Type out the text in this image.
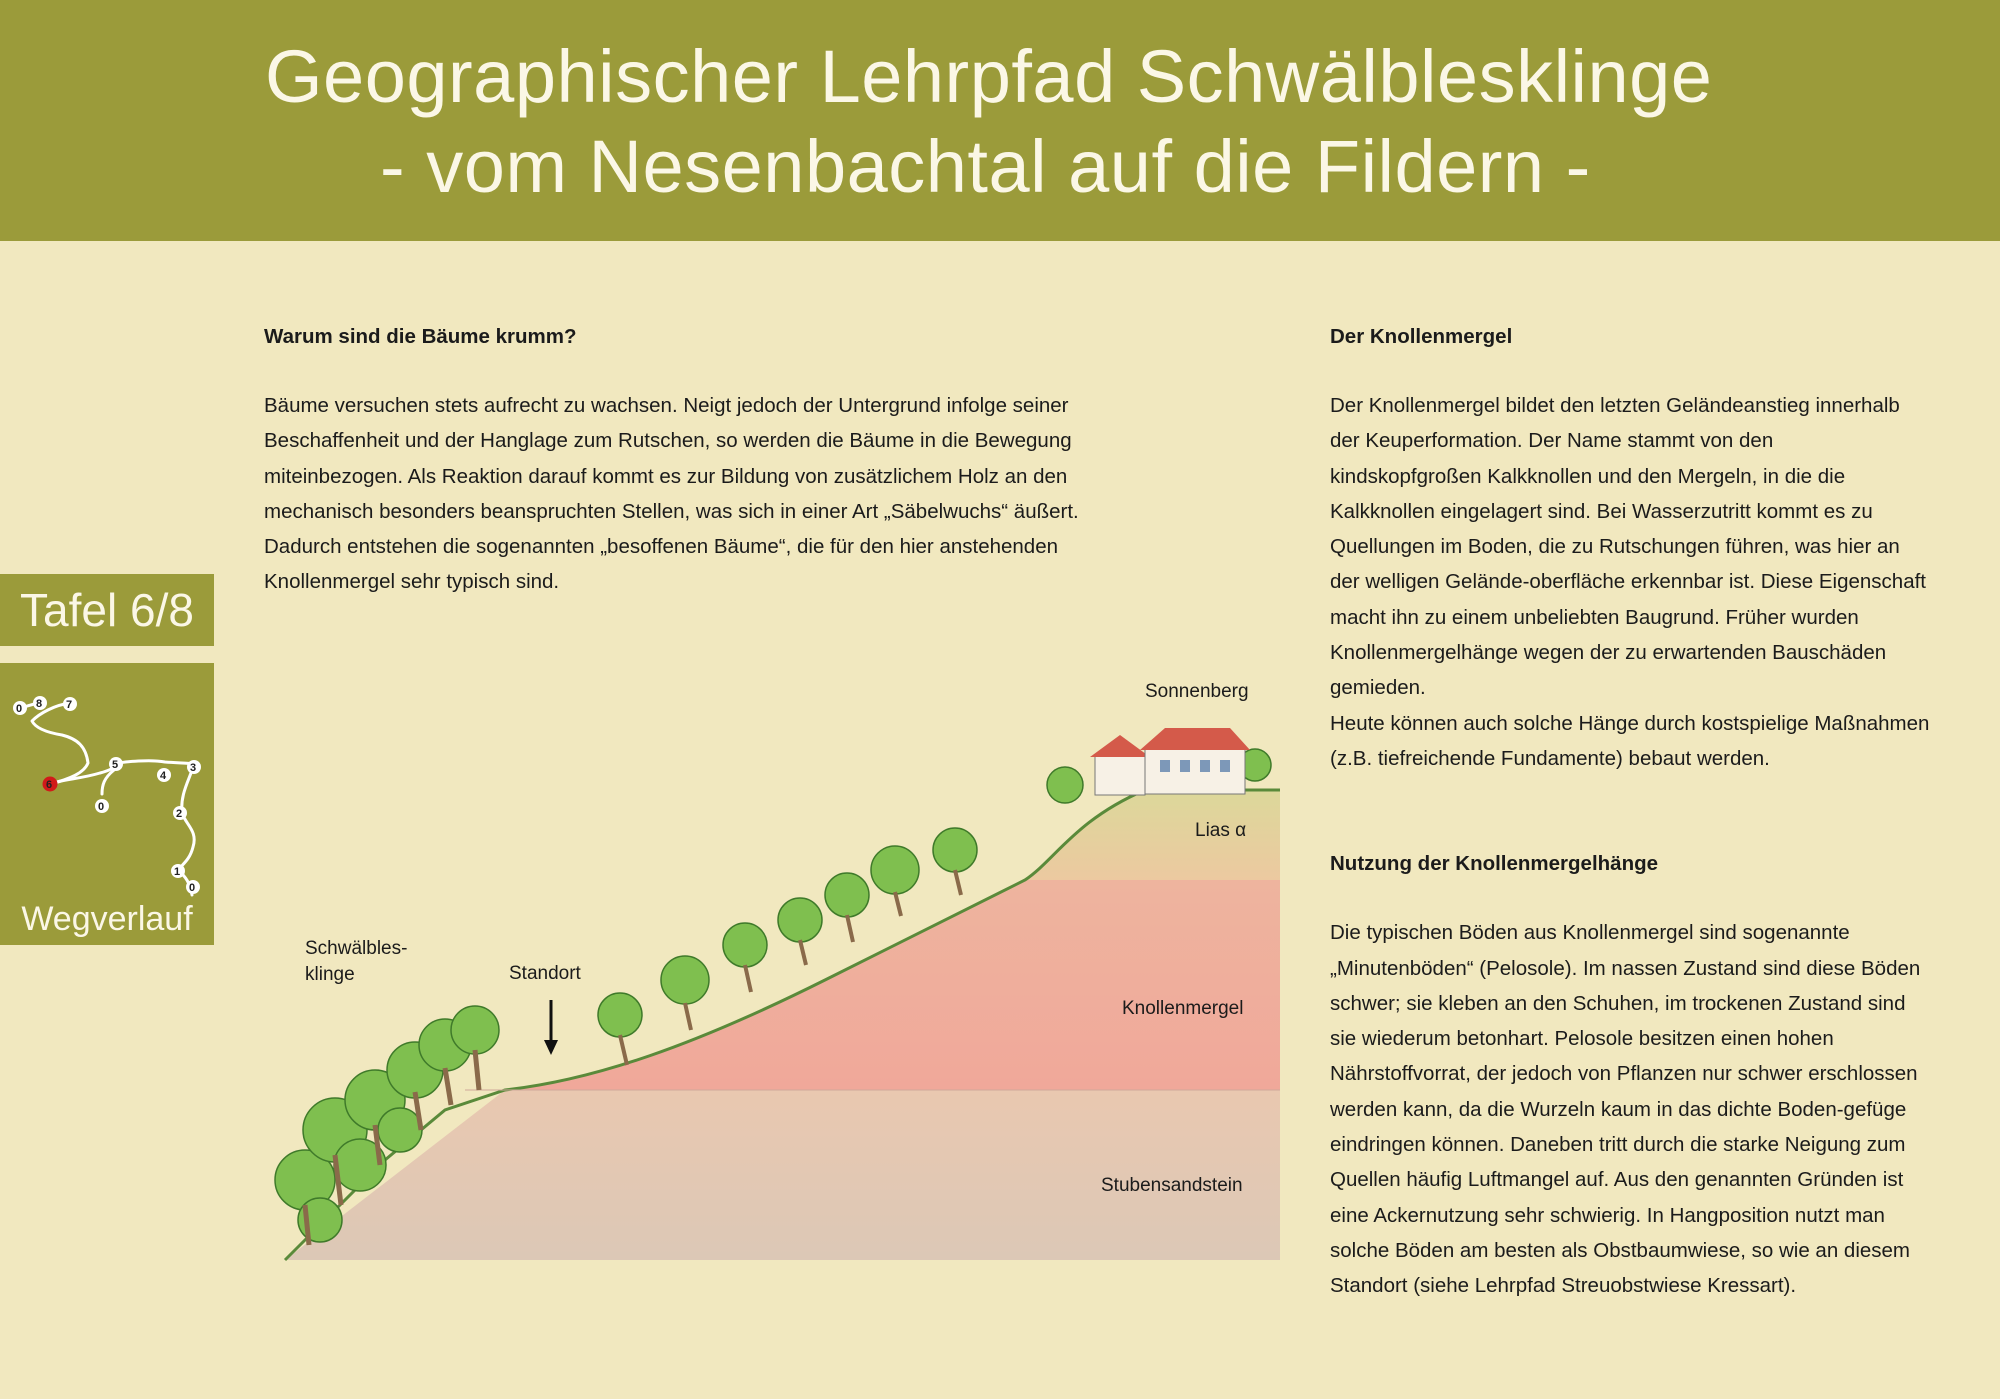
Geographischer Lehrpfad Schwälblesklinge
- vom Nesenbachtal auf die Fildern -
Tafel 6/8
0 8 7
6
5
0
4
3
2
1
0
Wegverlauf
Warum sind die Bäume krumm?

Bäume versuchen stets aufrecht zu wachsen. Neigt jedoch der Untergrund infolge seiner Beschaffenheit und der Hanglage zum Rutschen, so werden die Bäume in die Bewegung miteinbezogen. Als Reaktion darauf kommt es zur Bildung von zusätzlichem Holz an den mechanisch besonders beanspruchten Stellen, was sich in einer Art „Säbelwuchs“ äußert. Dadurch entstehen die sogenannten „besoffenen Bäume“, die für den hier anstehenden Knollenmergel sehr typisch sind.

Der Knollenmergel

Der Knollenmergel bildet den letzten Geländeanstieg innerhalb der Keuperformation. Der Name stammt von den kindskopfgroßen Kalkknollen und den Mergeln, in die die Kalkknollen eingelagert sind. Bei Wasserzutritt kommt es zu Quellungen im Boden, die zu Rutschungen führen, was hier an der welligen Gelände-oberfläche erkennbar ist. Diese Eigenschaft macht ihn zu einem unbeliebten Baugrund. Früher wurden Knollenmergelhänge wegen der zu erwartenden Bauschäden gemieden.

Heute können auch solche Hänge durch kostspielige Maßnahmen (z.B. tiefreichende Fundamente) bebaut werden.

Nutzung der Knollenmergelhänge

Die typischen Böden aus Knollenmergel sind sogenannte „Minutenböden“ (Pelosole). Im nassen Zustand sind diese Böden schwer; sie kleben an den Schuhen, im trockenen Zustand sind sie wiederum betonhart. Pelosole besitzen einen hohen Nährstoffvorrat, der jedoch von Pflanzen nur schwer erschlossen werden kann, da die Wurzeln kaum in das dichte Boden-gefüge eindringen können. Daneben tritt durch die starke Neigung zum Quellen häufig Luftmangel auf. Aus den genannten Gründen ist eine Ackernutzung sehr schwierig. In Hangposition nutzt man solche Böden am besten als Obstbaumwiese, so wie an diesem Standort (siehe Lehrpfad Streuobstwiese Kressart).

Sonnenberg
Lias α
Knollenmergel
Stubensandstein
Schwälbles-
klinge	Standort
